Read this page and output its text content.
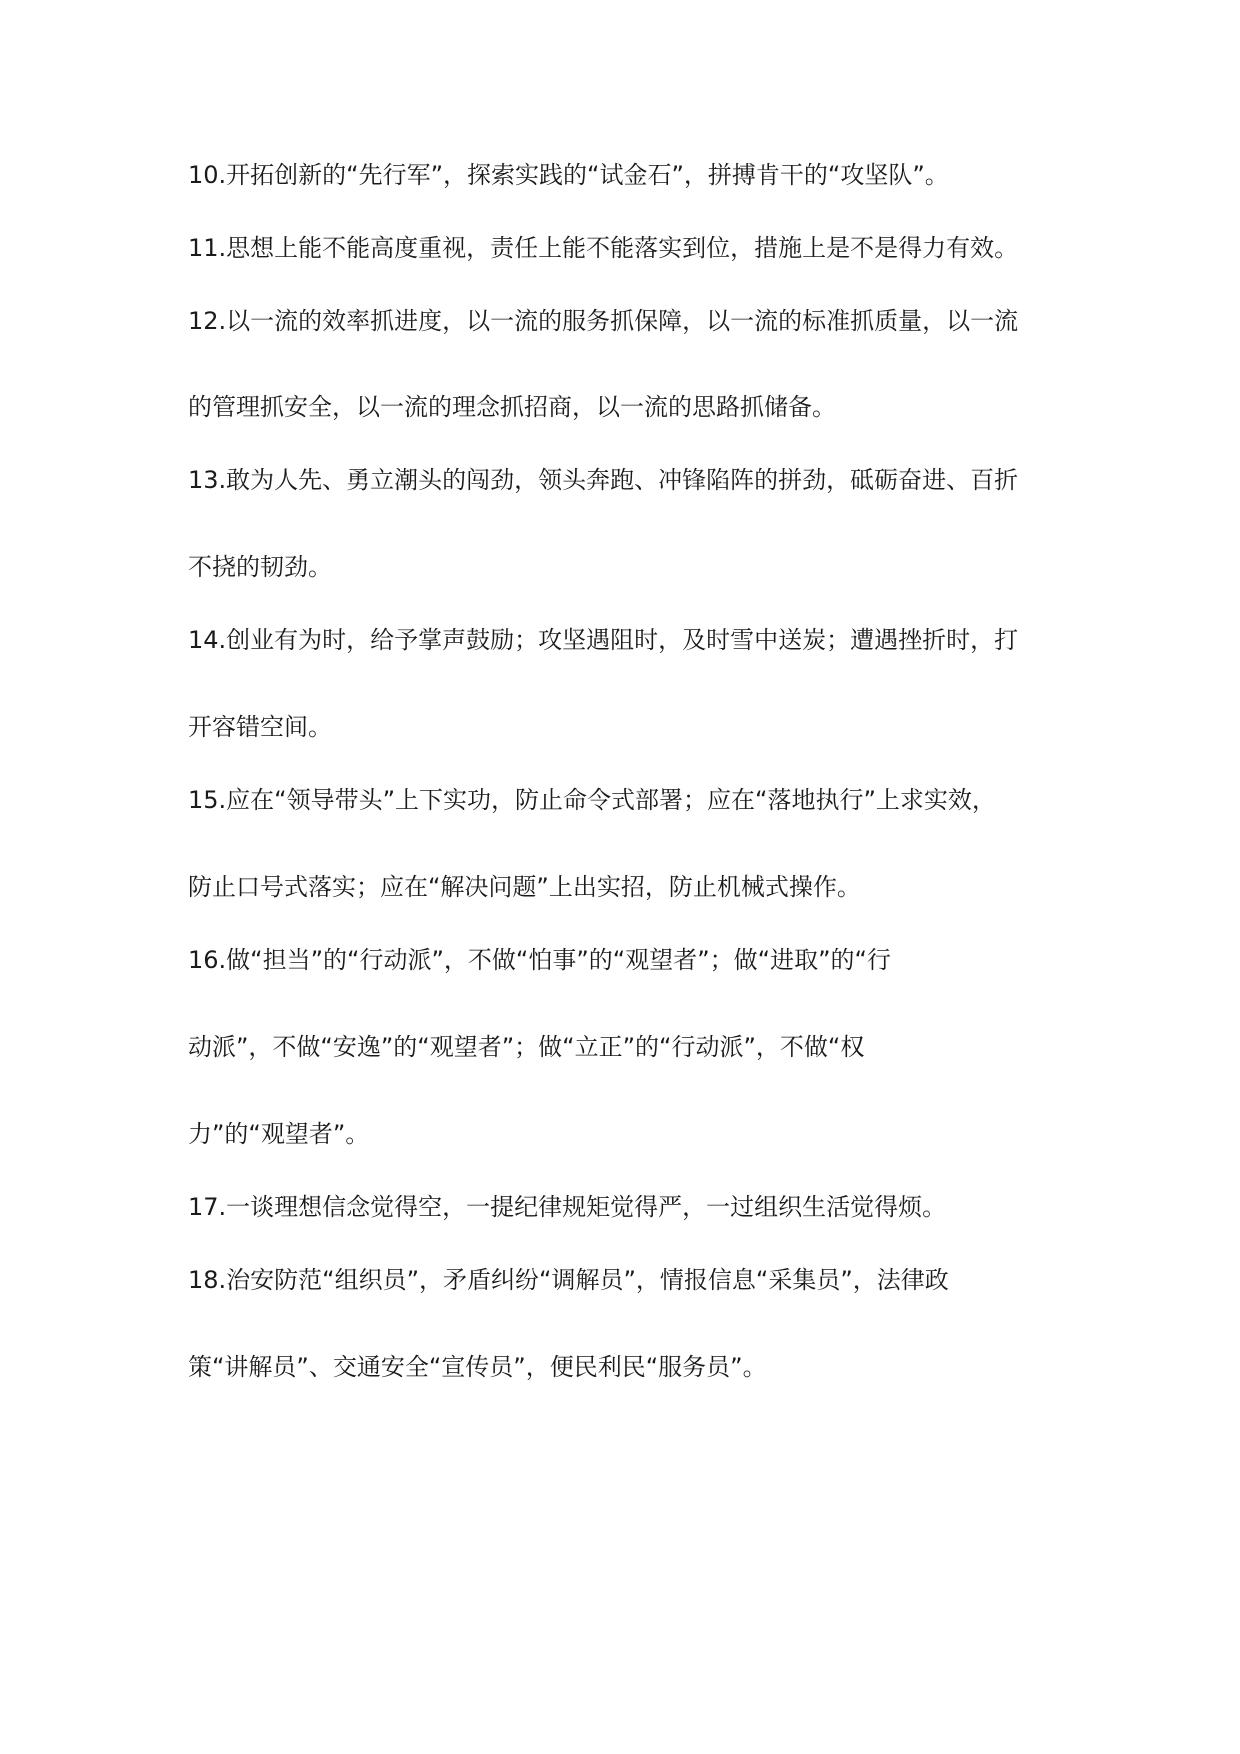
10.开拓创新的“先行军”，探索实践的“试金石”，拼搏肯干的“攻坚队”。
11.思想上能不能高度重视，责任上能不能落实到位，措施上是不是得力有效。
12.以一流的效率抓进度，以一流的服务抓保障，以一流的标准抓质量，以一流
的管理抓安全，以一流的理念抓招商，以一流的思路抓储备。
13.敢为人先、勇立潮头的闯劲，领头奔跑、冲锋陷阵的拼劲，砥砺奋进、百折
不挠的韧劲。
14.创业有为时，给予掌声鼓励；攻坚遇阻时，及时雪中送炭；遭遇挫折时，打
开容错空间。
15.应在“领导带头”上下实功，防止命令式部署；应在“落地执行”上求实效，
防止口号式落实；应在“解决问题”上出实招，防止机械式操作。
16.做“担当”的“行动派”，不做“怕事”的“观望者”；做“进取”的“行
动派”，不做“安逸”的“观望者”；做“立正”的“行动派”，不做“权
力”的“观望者”。
17.一谈理想信念觉得空，一提纪律规矩觉得严，一过组织生活觉得烦。
18.治安防范“组织员”，矛盾纠纷“调解员”，情报信息“采集员”，法律政
策“讲解员”、交通安全“宣传员”，便民利民“服务员”。
